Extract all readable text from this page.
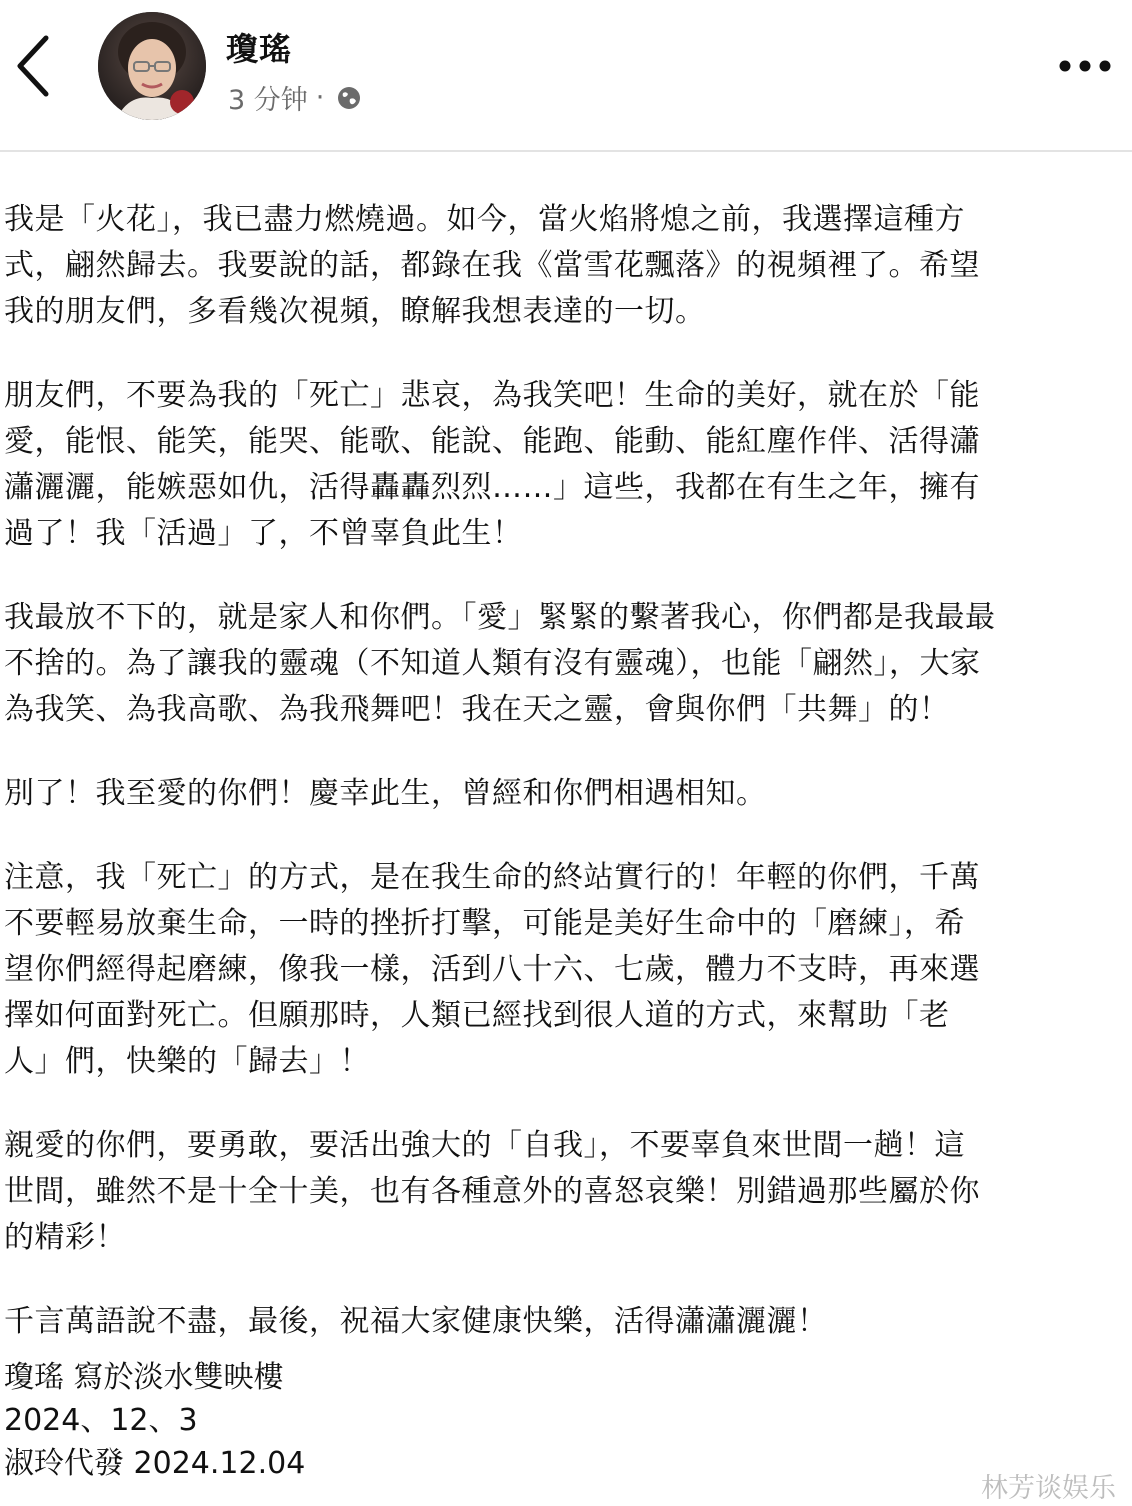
瓊瑤
3 分钟 ·

我是「火花」，我已盡力燃燒過。如今，當火焰將熄之前，我選擇這種方
式，翩然歸去。我要說的話，都錄在我《當雪花飄落》的視頻裡了。希望
我的朋友們，多看幾次視頻，瞭解我想表達的一切。

朋友們，不要為我的「死亡」悲哀，為我笑吧！生命的美好，就在於「能
愛，能恨、能笑，能哭、能歌、能說、能跑、能動、能紅塵作伴、活得瀟
瀟灑灑，能嫉惡如仇，活得轟轟烈烈……」這些，我都在有生之年，擁有
過了！我「活過」了，不曾辜負此生！

我最放不下的，就是家人和你們。「愛」緊緊的繫著我心，你們都是我最最
不捨的。為了讓我的靈魂（不知道人類有沒有靈魂），也能「翩然」，大家
為我笑、為我高歌、為我飛舞吧！我在天之靈，會與你們「共舞」的！

別了！我至愛的你們！慶幸此生，曾經和你們相遇相知。

注意，我「死亡」的方式，是在我生命的終站實行的！年輕的你們，千萬
不要輕易放棄生命，一時的挫折打擊，可能是美好生命中的「磨練」，希
望你們經得起磨練，像我一樣，活到八十六、七歲，體力不支時，再來選
擇如何面對死亡。但願那時，人類已經找到很人道的方式，來幫助「老
人」們，快樂的「歸去」！

親愛的你們，要勇敢，要活出強大的「自我」，不要辜負來世間一趟！這
世間，雖然不是十全十美，也有各種意外的喜怒哀樂！別錯過那些屬於你
的精彩！

千言萬語說不盡，最後，祝福大家健康快樂，活得瀟瀟灑灑！

瓊瑤 寫於淡水雙映樓
2024、12、3
淑玲代發 2024.12.04
林芳谈娱乐
